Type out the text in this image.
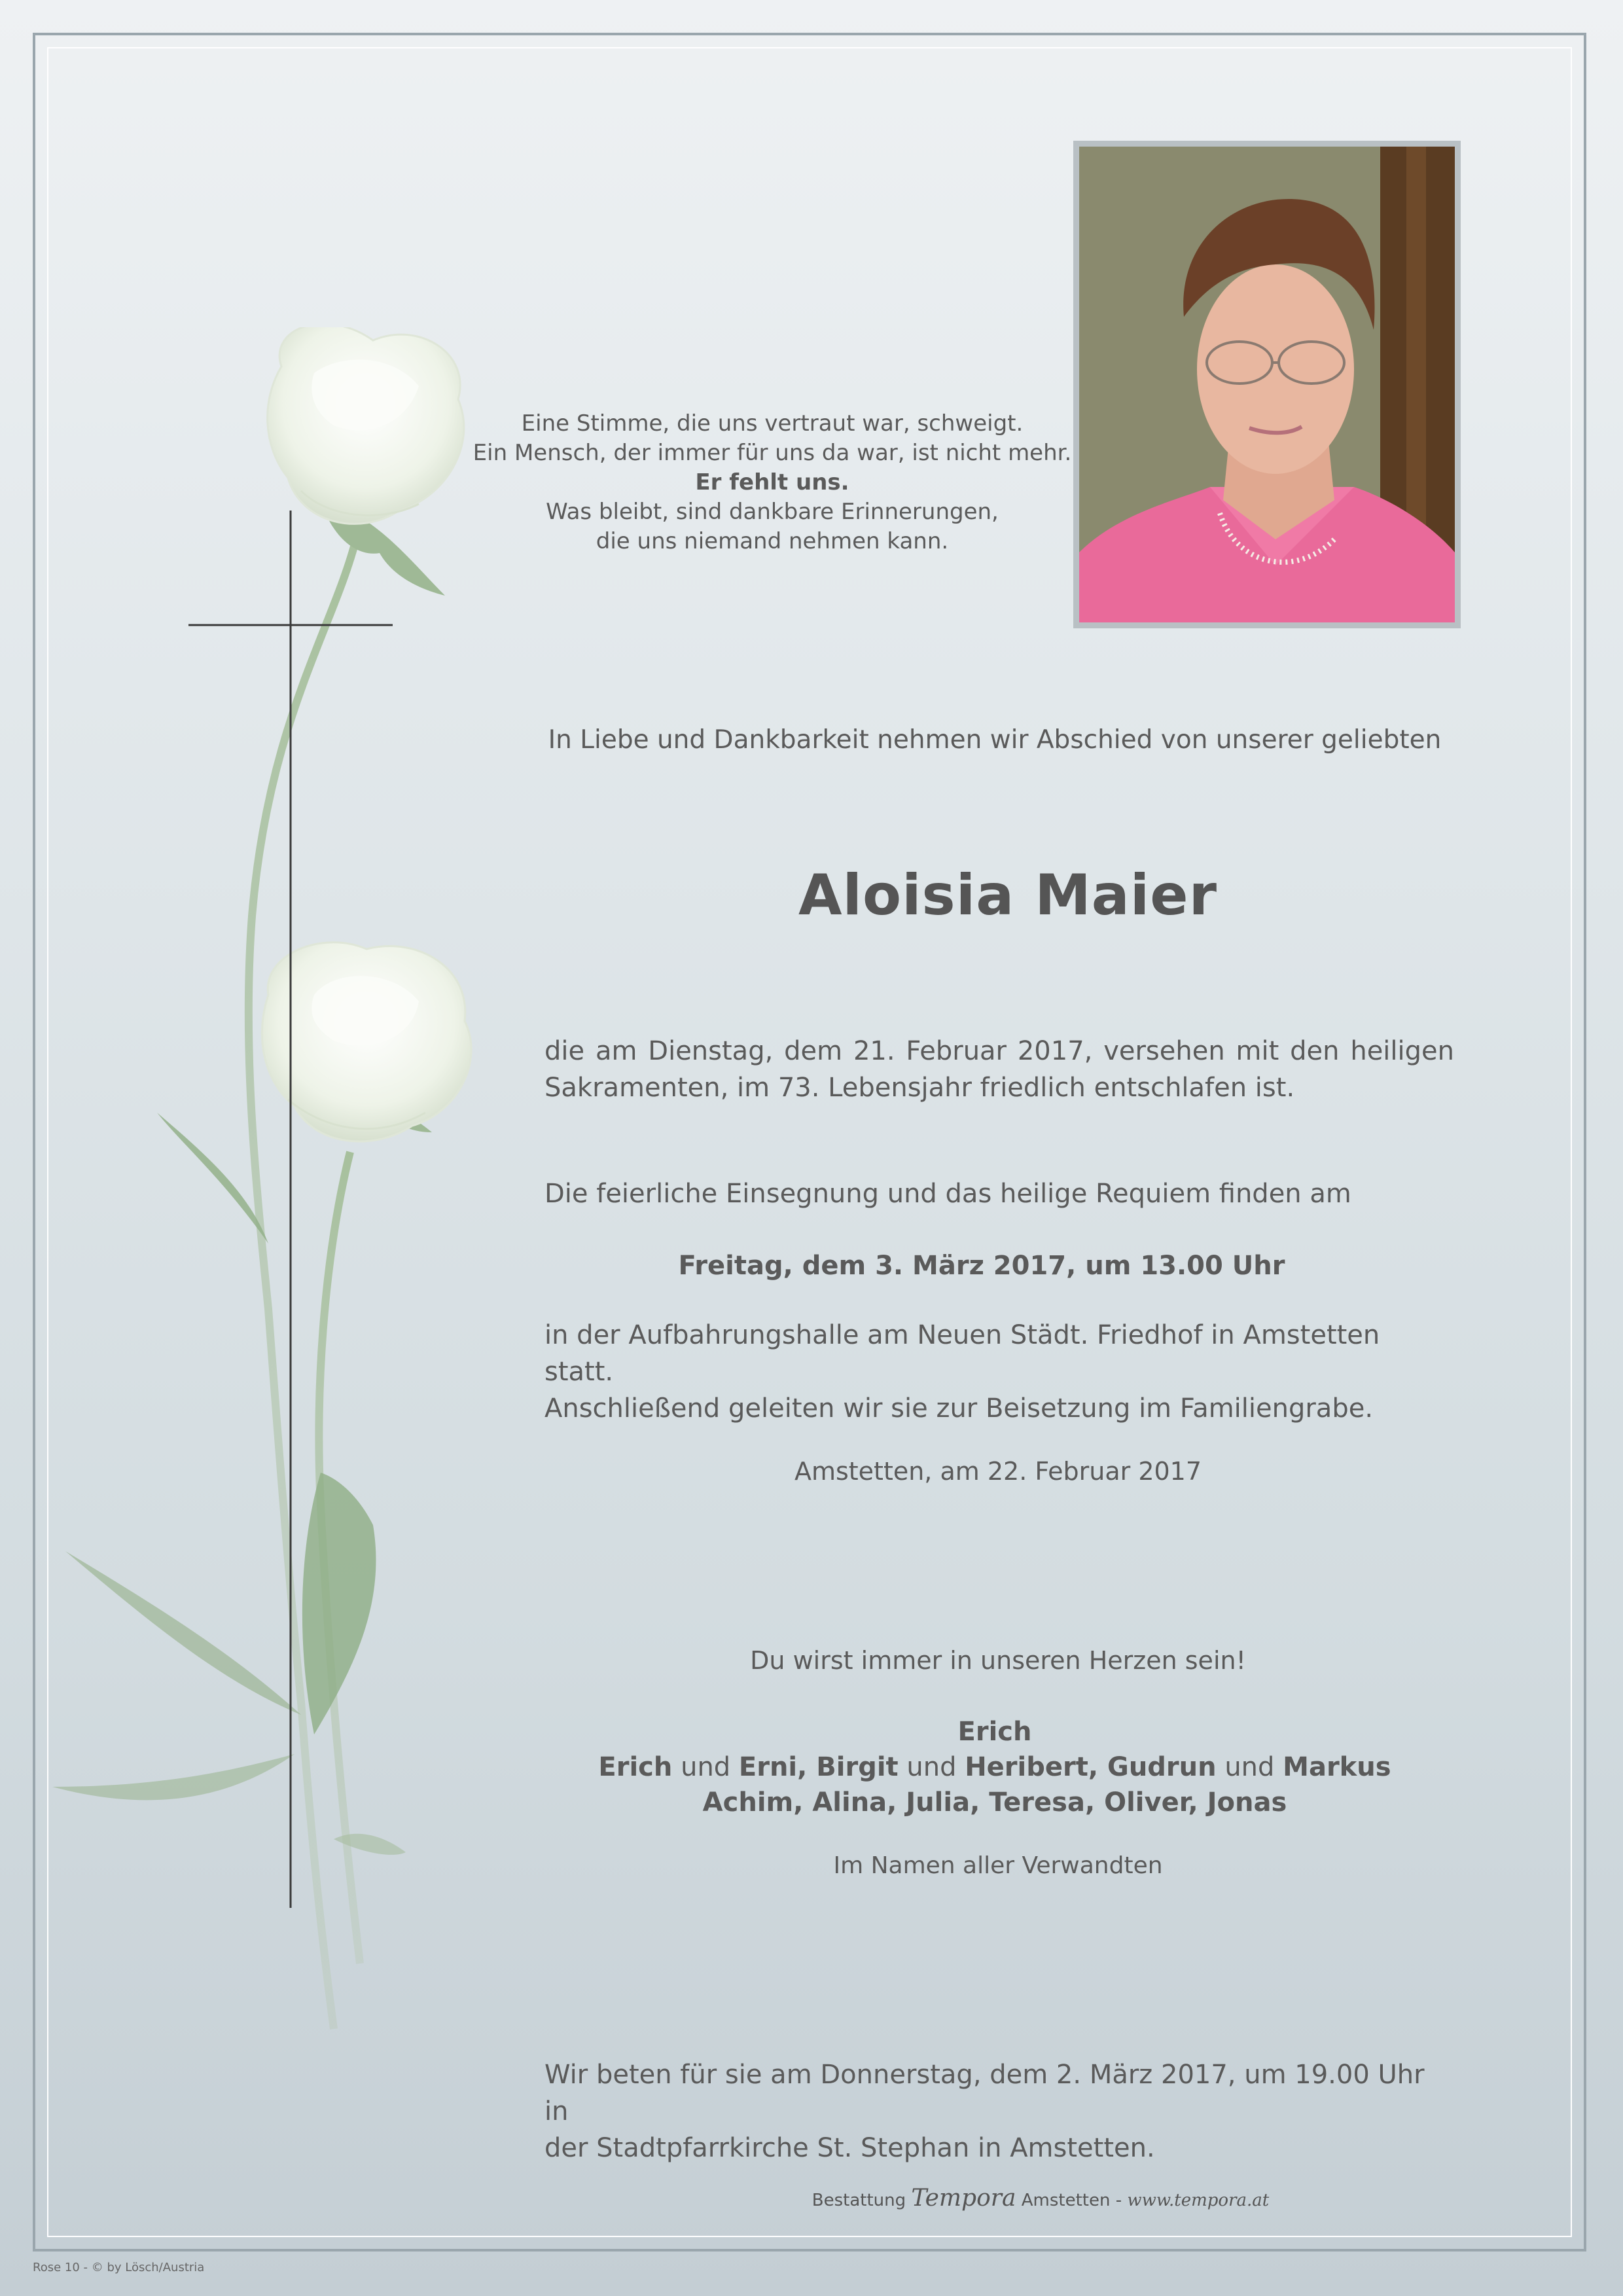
Eine Stimme, die uns vertraut war, schweigt.
Ein Mensch, der immer für uns da war, ist nicht mehr.
Er fehlt uns.
Was bleibt, sind dankbare Erinnerungen,
die uns niemand nehmen kann.
In Liebe und Dankbarkeit nehmen wir Abschied von unserer geliebten
Aloisia Maier
die am Dienstag, dem 21. Februar 2017, versehen mit den heiligen
Sakramenten, im 73. Lebensjahr friedlich entschlafen ist.
Die feierliche Einsegnung und das heilige Requiem finden am
Freitag, dem 3. März 2017, um 13.00 Uhr
in der Aufbahrungshalle am Neuen Städt. Friedhof in Amstetten statt.
Anschließend geleiten wir sie zur Beisetzung im Familiengrabe.
Amstetten, am 22. Februar 2017
Du wirst immer in unseren Herzen sein!
Erich
Erich und Erni, Birgit und Heribert, Gudrun und Markus
Achim, Alina, Julia, Teresa, Oliver, Jonas
Im Namen aller Verwandten
Wir beten für sie am Donnerstag, dem 2. März 2017, um 19.00 Uhr in
der Stadtpfarrkirche St. Stephan in Amstetten.
Bestattung Tempora Amstetten - www.tempora.at
Rose 10 - © by Lösch/Austria
